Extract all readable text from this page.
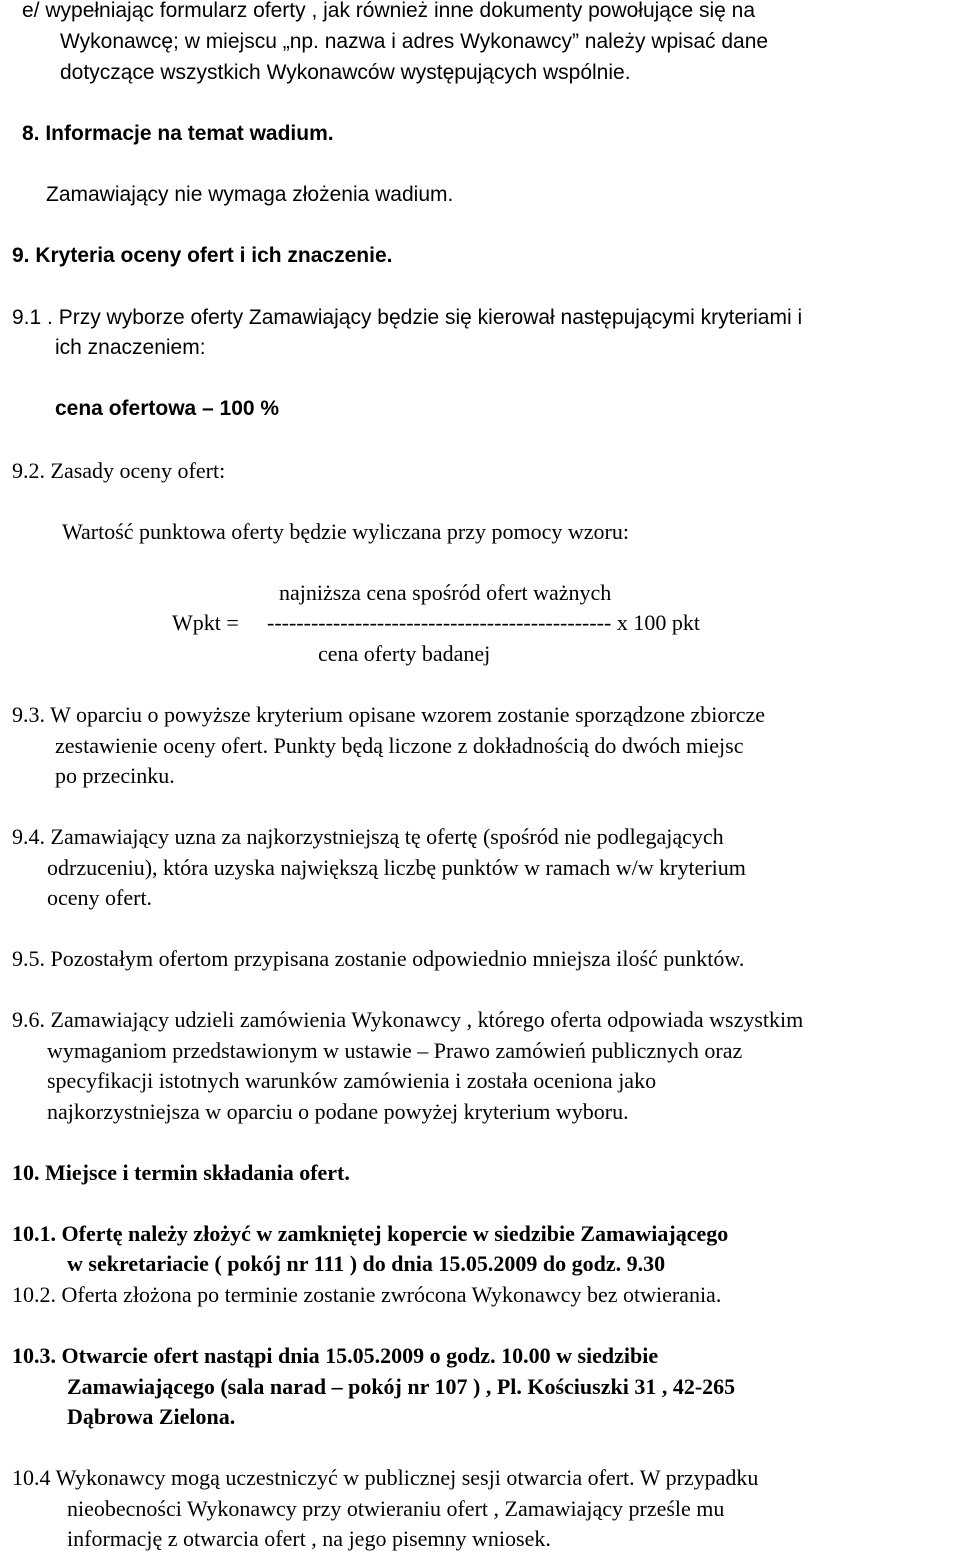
e/ wypełniając formularz oferty , jak również inne dokumenty powołujące się na
Wykonawcę; w miejscu „np. nazwa i adres Wykonawcy” należy wpisać dane
dotyczące wszystkich Wykonawców występujących wspólnie.
8. Informacje na temat wadium.
Zamawiający nie wymaga złożenia wadium.
9. Kryteria oceny ofert i ich znaczenie.
9.1 . Przy wyborze oferty Zamawiający będzie się kierował następującymi kryteriami i
ich znaczeniem:
cena ofertowa – 100 %
9.2. Zasady oceny ofert:
Wartość punktowa oferty będzie wyliczana przy pomocy wzoru:
najniższa cena spośród ofert ważnych
Wpkt = ----------------------------------------------- x 100 pkt
cena oferty badanej
9.3. W oparciu o powyższe kryterium opisane wzorem zostanie sporządzone zbiorcze
zestawienie oceny ofert. Punkty będą liczone z dokładnością do dwóch miejsc
po przecinku.
9.4. Zamawiający uzna za najkorzystniejszą tę ofertę (spośród nie podlegających
odrzuceniu), która uzyska największą liczbę punktów w ramach w/w kryterium
oceny ofert.
9.5. Pozostałym ofertom przypisana zostanie odpowiednio mniejsza ilość punktów.
9.6. Zamawiający udzieli zamówienia Wykonawcy , którego oferta odpowiada wszystkim
wymaganiom przedstawionym w ustawie – Prawo zamówień publicznych oraz
specyfikacji istotnych warunków zamówienia i została oceniona jako
najkorzystniejsza w oparciu o podane powyżej kryterium wyboru.
10. Miejsce i termin składania ofert.
10.1. Ofertę należy złożyć w zamkniętej kopercie w siedzibie Zamawiającego
w sekretariacie ( pokój nr 111 ) do dnia 15.05.2009 do godz. 9.30
10.2. Oferta złożona po terminie zostanie zwrócona Wykonawcy bez otwierania.
10.3. Otwarcie ofert nastąpi dnia 15.05.2009 o godz. 10.00 w siedzibie
Zamawiającego (sala narad – pokój nr 107 ) , Pl. Kościuszki 31 , 42-265
Dąbrowa Zielona.
10.4 Wykonawcy mogą uczestniczyć w publicznej sesji otwarcia ofert. W przypadku
nieobecności Wykonawcy przy otwieraniu ofert , Zamawiający prześle mu
informację z otwarcia ofert , na jego pisemny wniosek.
